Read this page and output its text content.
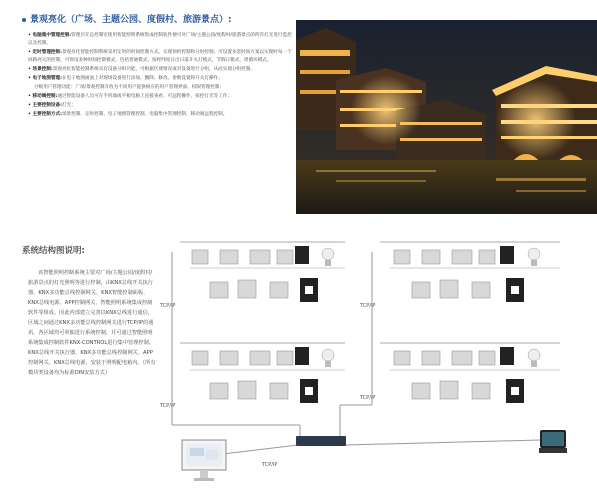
景观亮化（广场、主题公园、度假村、旅游景点）:
• 电脑集中管理控制:管理层在总控制室使用智能照明系统集成控制软件便可对广场/主题公园/度假村/旅游景点的所有灯光进行监控以及控制。
• 定时管理控制:景观亮化智能控制系统采用定时的时间控制方式，实现预约控制和分时控制。可设置多套时间方案以实现时每一个回路亮灭的控制，可预设多种时间控制模式，包括普通模式、按经纬度日出日落开关灯模式、节假日模式、周循环模式。
• 场景控制:景观亮化智能控制系统具有设备分组功能，可根据区域情况或对设备进行分组，从而实现分组控制。
• 电子地图管理:在电子地图画面上对现场设备进行添加、删除、修改、参数设置和开关灯操作；
分级用户管理功能：广场/景观控制开放为不同用户提供相应的用户管理界面、权限管理控制；
• 移动端控制:通过智能设备人员可在手机端或平板电脑上直接查看、可远程操作，按控灯光等工作；
• 主要控制设备:灯光；
• 主要控制方式:场景控制、定时控制、电子地图管理控制、电脑集中管理控制、移动端远程控制。
系统结构图说明:
该智能照明控制系统主要对广场/主题公园/度假村/旅游景点的灯光照明等进行控制，由KNX总线开关执行器、KNX多功能总线控制网关、KNX智能控制面板、KNX总线电源、APP控制网关、智能照明系统集成控制软件等组成。因此内部建立完善以KNX总线进行通信，区域之间通过KNX多功能总线控制网关进行TCP/IP的通讯，各区域均可单独进行系统控制，并可通过智能照明系统集成控制软件KNX-CONTROL进行集中管理控制。KNX总线开关执行器、KNX多功能总线控制网关、APP控制网关、KNX总线电源，安装于照明配电箱内。（所有模块类设备均为标准DIN安装方式）
TCP/IP	TCP/IP
TCP/IP
TCP/IP
TCP/IP
